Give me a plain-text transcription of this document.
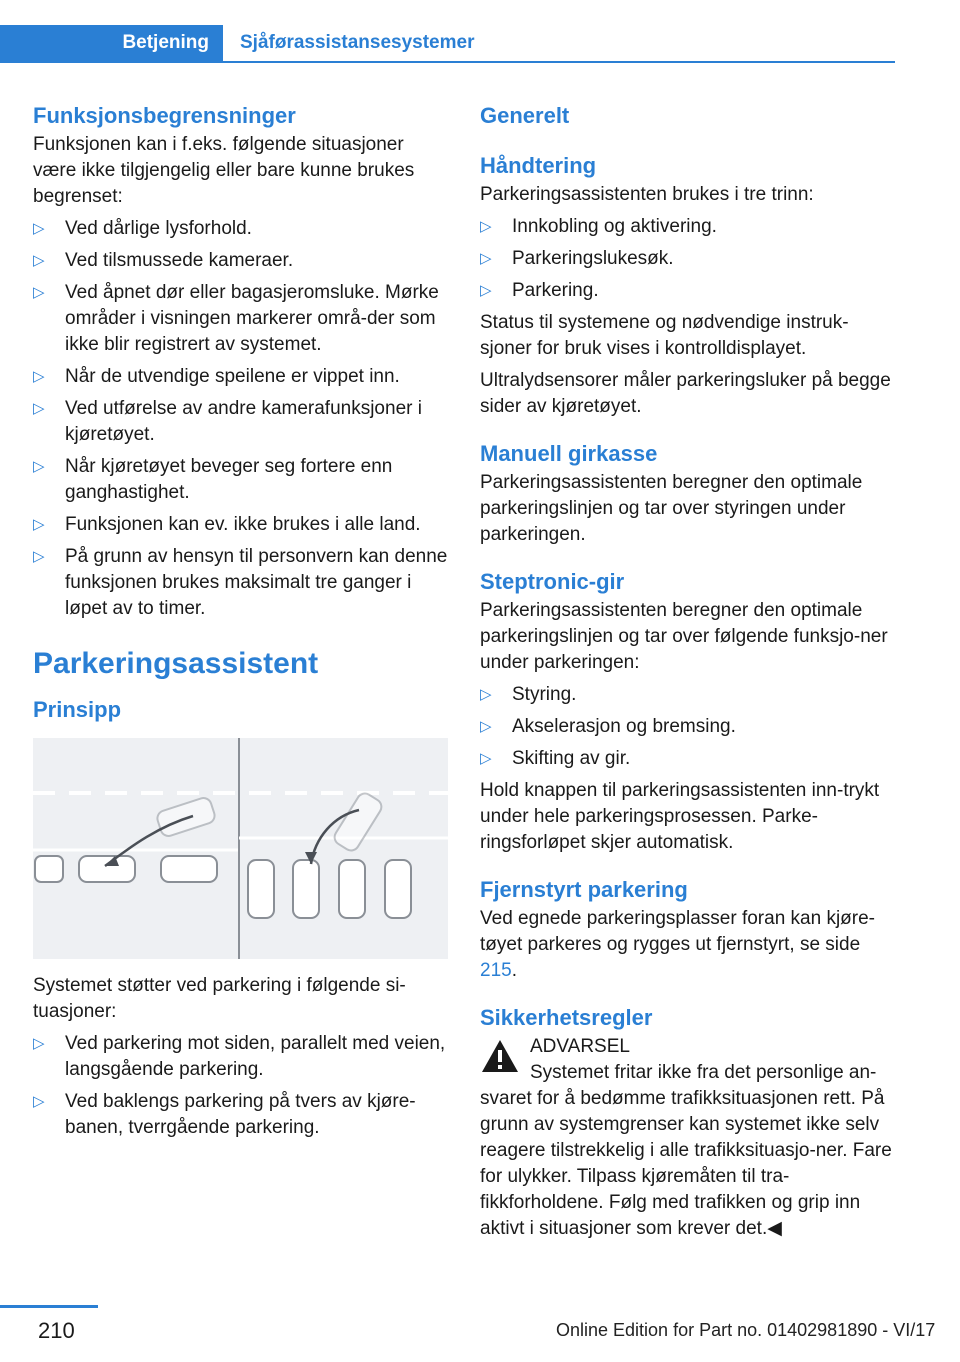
Betjening	Sjåførassistansesystemer
Funksjonsbegrensninger

Funksjonen kan i f.eks. følgende situasjoner være ikke tilgjengelig eller bare kunne brukes begrenset:

▷ Ved dårlige lysforhold.
▷ Ved tilsmussede kameraer.
▷ Ved åpnet dør eller bagasjeromsluke. Mørke områder i visningen markerer områ-der som ikke blir registrert av systemet.
▷ Når de utvendige speilene er vippet inn.
▷ Ved utførelse av andre kamerafunksjoner i kjøretøyet.
▷ Når kjøretøyet beveger seg fortere enn ganghastighet.
▷ Funksjonen kan ev. ikke brukes i alle land.
▷ På grunn av hensyn til personvern kan denne funksjonen brukes maksimalt tre ganger i løpet av to timer.
Parkeringsassistent
Prinsipp

Systemet støtter ved parkering i følgende si-tuasjoner:

▷ Ved parkering mot siden, parallelt med veien, langsgående parkering.
▷ Ved baklengs parkering på tvers av kjøre-banen, tverrgående parkering.
Generelt
Håndtering

Parkeringsassistenten brukes i tre trinn:

▷ Innkobling og aktivering.
▷ Parkeringslukesøk.
▷ Parkering.

Status til systemene og nødvendige instruk-sjoner for bruk vises i kontrolldisplayet.

Ultralydsensorer måler parkeringsluker på begge sider av kjøretøyet.

Manuell girkasse

Parkeringsassistenten beregner den optimale parkeringslinjen og tar over styringen under parkeringen.

Steptronic-gir

Parkeringsassistenten beregner den optimale parkeringslinjen og tar over følgende funksjo-ner under parkeringen:

▷ Styring.
▷ Akselerasjon og bremsing.
▷ Skifting av gir.

Hold knappen til parkeringsassistenten inn-trykt under hele parkeringsprosessen. Parke-ringsforløpet skjer automatisk.

Fjernstyrt parkering

Ved egnede parkeringsplasser foran kan kjøre-tøyet parkeres og rygges ut fjernstyrt, se side 215.

Sikkerhetsregler

ADVARSEL

Systemet fritar ikke fra det personlige an-

svaret for å bedømme trafikksituasjonen rett. På grunn av systemgrenser kan systemet ikke selv reagere tilstrekkelig i alle trafikksituasjo-ner. Fare for ulykker. Tilpass kjøremåten til tra-fikkforholdene. Følg med trafikken og grip inn aktivt i situasjoner som krever det.◀

210	Online Edition for Part no. 01402981890 - VI/17
